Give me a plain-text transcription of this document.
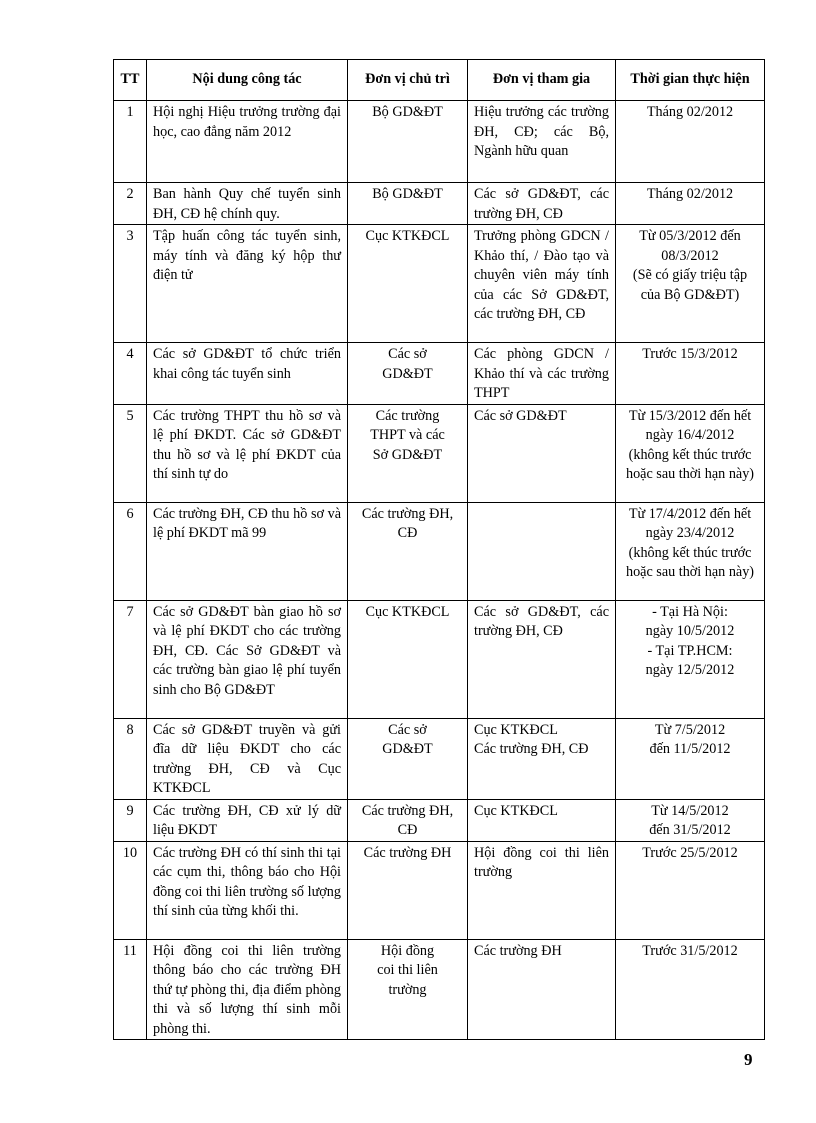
TT	Nội dung công tác	Đơn vị chủ trì	Đơn vị tham gia	Thời gian thực hiện
1	Hội nghị Hiệu trưởng trường đại học, cao đẳng năm 2012	Bộ GD&ĐT	Hiệu trưởng các trường ĐH, CĐ; các Bộ, Ngành hữu quan	Tháng 02/2012

2	Ban hành Quy chế tuyển sinh ĐH, CĐ hệ chính quy.	Bộ GD&ĐT	Các sở GD&ĐT, các trường ĐH, CĐ	Tháng 02/2012

3	Tập huấn công tác tuyển sinh, máy tính và đăng ký hộp thư điện tử	Cục KTKĐCL	Trưởng phòng GDCN / Khảo thí, / Đào tạo và chuyên viên máy tính của các Sở GD&ĐT, các trường ĐH, CĐ	Từ 05/3/2012 đến 08/3/2012
(Sẽ có giấy triệu tập của Bộ GD&ĐT)

4	Các sở GD&ĐT tổ chức triển khai công tác tuyển sinh	Các sở
GD&ĐT	Các phòng GDCN / Khảo thí và các trường THPT	Trước 15/3/2012

5	Các trường THPT thu hồ sơ và lệ phí ĐKDT. Các sở GD&ĐT thu hồ sơ và lệ phí ĐKDT của thí sinh tự do	Các trường
THPT và các
Sở GD&ĐT	Các sở GD&ĐT	Từ 15/3/2012 đến hết ngày 16/4/2012
(không kết thúc trước hoặc sau thời hạn này)

6	Các trường ĐH, CĐ thu hồ sơ và lệ phí ĐKDT mã 99	Các trường ĐH,
CĐ		Từ 17/4/2012 đến hết ngày 23/4/2012
(không kết thúc trước hoặc sau thời hạn này)

7	Các sở GD&ĐT bàn giao hồ sơ và lệ phí ĐKDT cho các trường ĐH, CĐ. Các Sở GD&ĐT và các trường bàn giao lệ phí tuyển sinh cho Bộ GD&ĐT	Cục KTKĐCL	Các sở GD&ĐT, các trường ĐH, CĐ	- Tại Hà Nội:
ngày 10/5/2012
- Tại TP.HCM:
ngày 12/5/2012

8	Các sở GD&ĐT truyền và gửi đĩa dữ liệu ĐKDT cho các trường ĐH, CĐ và Cục KTKĐCL	Các sở
GD&ĐT	Cục KTKĐCL
Các trường ĐH, CĐ	Từ 7/5/2012
đến 11/5/2012

9	Các trường ĐH, CĐ xử lý dữ liệu ĐKDT	Các trường ĐH,
CĐ	Cục KTKĐCL	Từ 14/5/2012
đến 31/5/2012

10	Các trường ĐH có thí sinh thi tại các cụm thi, thông báo cho Hội đồng coi thi liên trường số lượng thí sinh của từng khối thi.	Các trường ĐH	Hội đồng coi thi liên trường	Trước 25/5/2012

11	Hội đồng coi thi liên trường thông báo cho các trường ĐH thứ tự phòng thi, địa điểm phòng thi và số lượng thí sinh mỗi phòng thi.	Hội đồng
coi thi liên
trường	Các trường ĐH	Trước 31/5/2012
9
